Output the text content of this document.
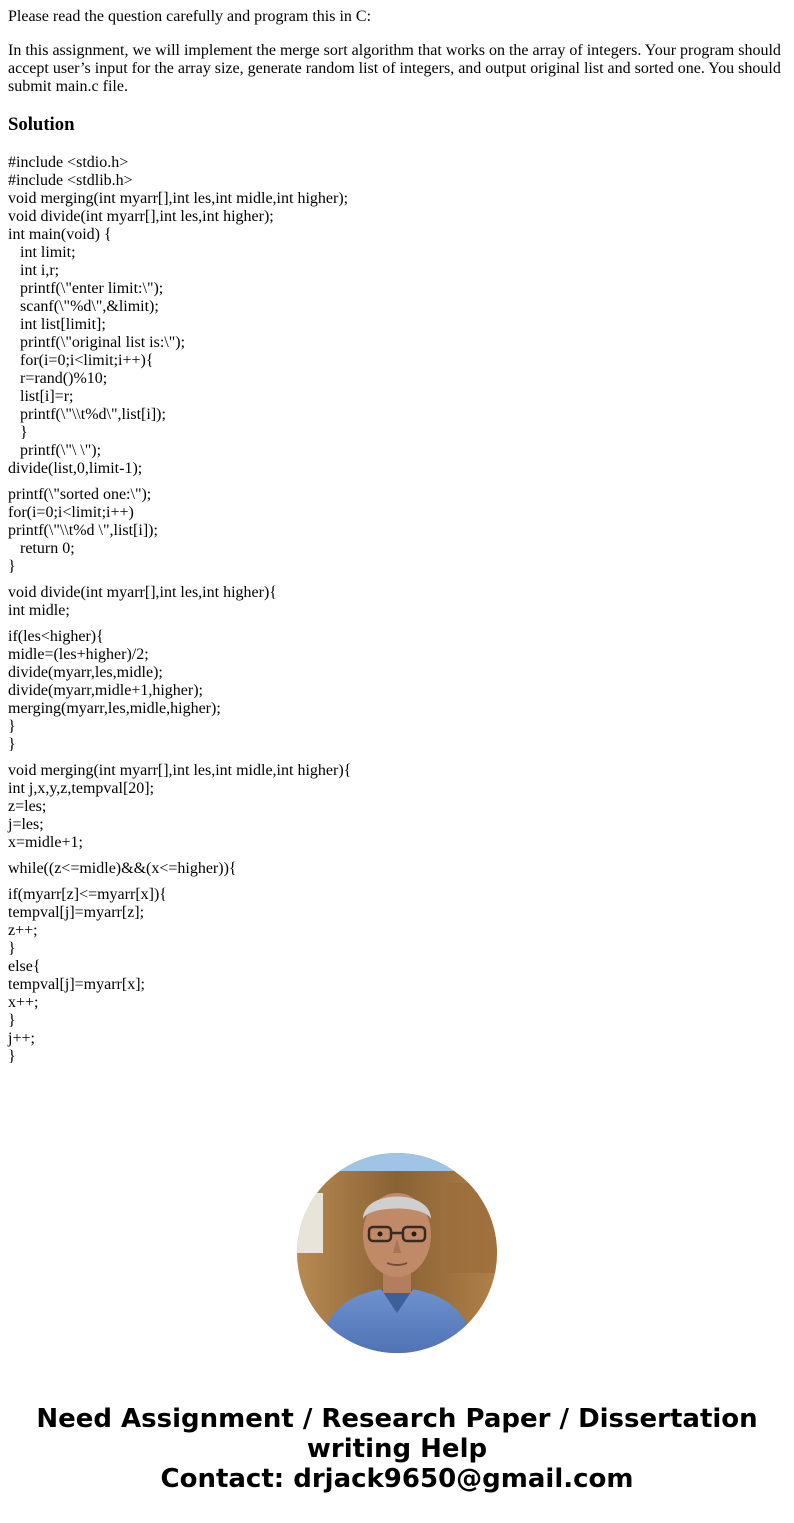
Please read the question carefully and program this in C:

In this assignment, we will implement the merge sort algorithm that works on the array of integers. Your program should accept user’s input for the array size, generate random list of integers, and output original list and sorted one. You should submit main.c file.

Solution
#include <stdio.h>
#include <stdlib.h>
void merging(int myarr[],int les,int midle,int higher);
void divide(int myarr[],int les,int higher);
int main(void) {
int limit;
int i,r;
printf(\"enter limit:\");
scanf(\"%d\",&limit);
int list[limit];
printf(\"original list is:\");
for(i=0;i<limit;i++){
r=rand()%10;
list[i]=r;
printf(\"\\t%d\",list[i]);
}
printf(\"\ \");
divide(list,0,limit-1);
printf(\"sorted one:\");
for(i=0;i<limit;i++)
printf(\"\\t%d \",list[i]);
return 0;
}
void divide(int myarr[],int les,int higher){
int midle;
if(les<higher){
midle=(les+higher)/2;
divide(myarr,les,midle);
divide(myarr,midle+1,higher);
merging(myarr,les,midle,higher);
}
}
void merging(int myarr[],int les,int midle,int higher){
int j,x,y,z,tempval[20];
z=les;
j=les;
x=midle+1;
while((z<=midle)&&(x<=higher)){
if(myarr[z]<=myarr[x]){
tempval[j]=myarr[z];
z++;
}
else{
tempval[j]=myarr[x];
x++;
}
j++;
}
Need Assignment / Research Paper / Dissertation
writing Help
Contact: drjack9650@gmail.com
